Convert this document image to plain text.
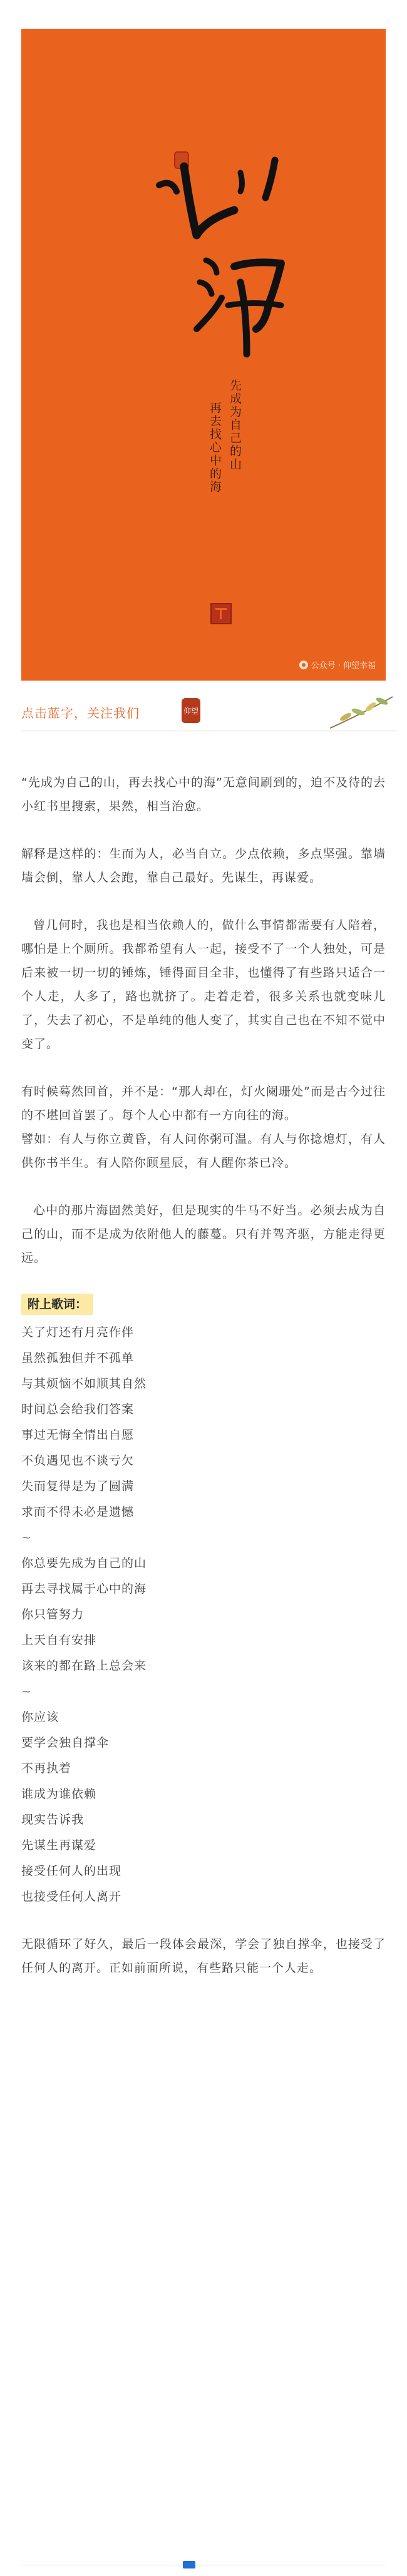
心海
先成为自己的山
再去找心中的海
公众号 · 仰望幸福
点击蓝字，关注我们	仰望

“先成为自己的山，再去找心中的海”无意间刷到的，迫不及待的去小红书里搜索，果然，相当治愈。

解释是这样的：生而为人，必当自立。少点依赖，多点坚强。靠墙墙会倒，靠人人会跑，靠自己最好。先谋生，再谋爱。

曾几何时，我也是相当依赖人的，做什么事情都需要有人陪着，哪怕是上个厕所。我都希望有人一起，接受不了一个人独处，可是后来被一切一切的锤炼，锤得面目全非，也懂得了有些路只适合一个人走，人多了，路也就挤了。走着走着，很多关系也就变味儿了，失去了初心，不是单纯的他人变了，其实自己也在不知不觉中变了。

有时候蓦然回首，并不是：“那人却在，灯火阑珊处”而是古今过往的不堪回首罢了。每个人心中都有一方向往的海。
譬如：有人与你立黄昏，有人问你粥可温。有人与你捻熄灯，有人供你书半生。有人陪你顾星辰，有人醒你茶已冷。

心中的那片海固然美好，但是现实的牛马不好当。必须去成为自己的山，而不是成为依附他人的藤蔓。只有并驾齐驱，方能走得更远。

附上歌词：
关了灯还有月亮作伴
虽然孤独但并不孤单
与其烦恼不如顺其自然
时间总会给我们答案
事过无悔全情出自愿
不负遇见也不谈亏欠
失而复得是为了圆满
求而不得未必是遗憾
~
你总要先成为自己的山
再去寻找属于心中的海
你只管努力
上天自有安排
该来的都在路上总会来
~
你应该
要学会独自撑伞
不再执着
谁成为谁依赖
现实告诉我
先谋生再谋爱
接受任何人的出现
也接受任何人离开

无限循环了好久，最后一段体会最深，学会了独自撑伞，也接受了任何人的离开。正如前面所说，有些路只能一个人走。
